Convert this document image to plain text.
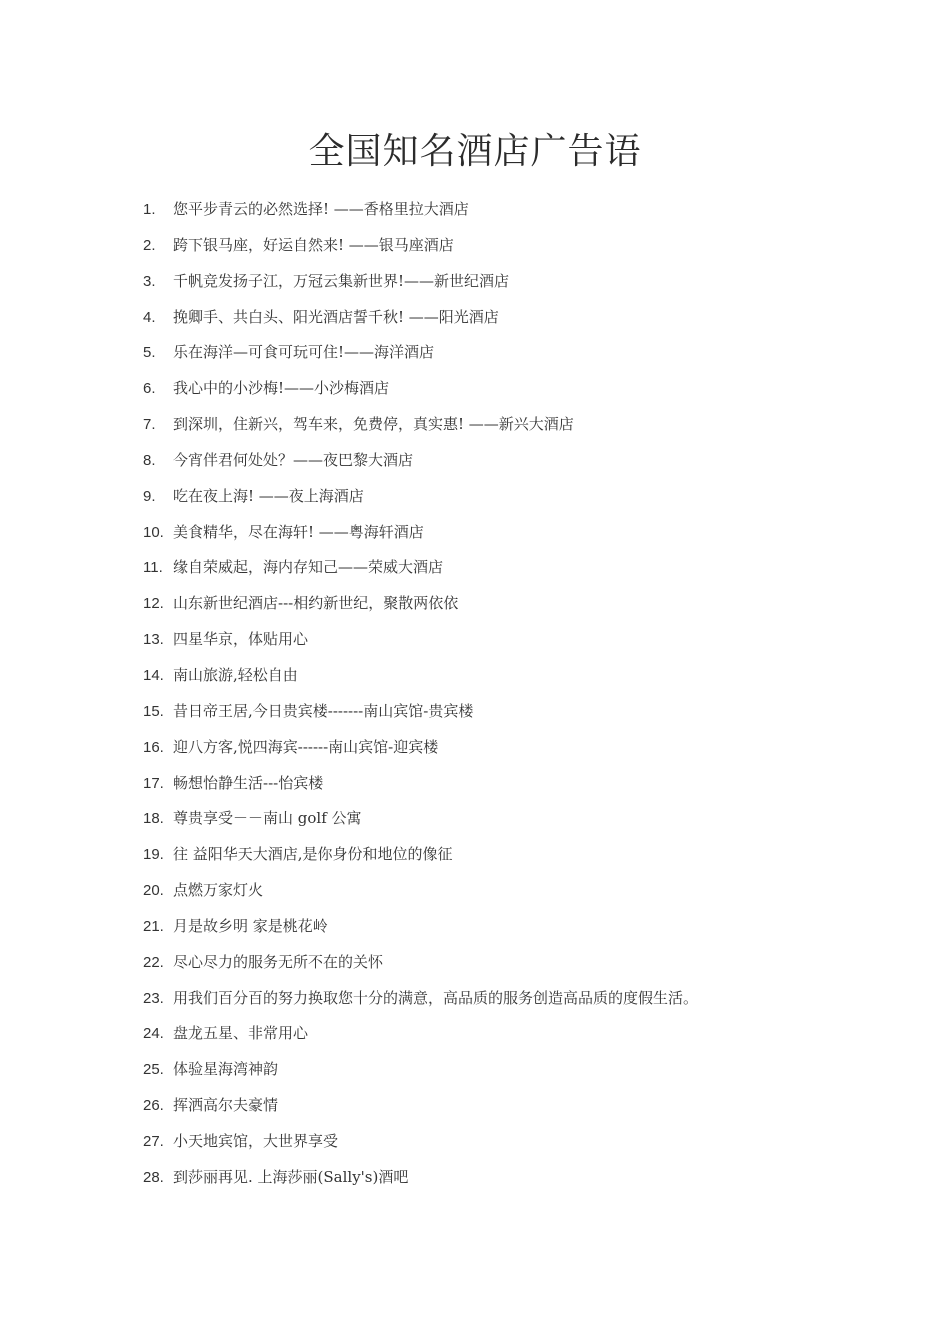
全国知名酒店广告语
1.	您平步青云的必然选择! ——香格里拉大酒店
2.	跨下银马座，好运自然来! ——银马座酒店
3.	千帆竞发扬子江，万冠云集新世界!——新世纪酒店
4.	挽卿手、共白头、阳光酒店誓千秋! ——阳光酒店
5.	乐在海洋—可食可玩可住!——海洋酒店
6.	我心中的小沙梅!——小沙梅酒店
7.	到深圳，住新兴，驾车来，免费停，真实惠! ——新兴大酒店
8.	今宵伴君何处处？——夜巴黎大酒店
9.	吃在夜上海! ——夜上海酒店
10. 美食精华，尽在海轩! ——粤海轩酒店
11. 缘自荣威起，海内存知己——荣威大酒店
12. 山东新世纪酒店---相约新世纪，聚散两依依
13. 四星华京，体贴用心
14. 南山旅游,轻松自由
15. 昔日帝王居,今日贵宾楼-------南山宾馆-贵宾楼
16. 迎八方客,悦四海宾------南山宾馆-迎宾楼
17. 畅想怡静生活---怡宾楼
18. 尊贵享受－－南山 golf 公寓
19. 往 益阳华天大酒店,是你身份和地位的像征
20. 点燃万家灯火
21. 月是故乡明 家是桃花岭
22. 尽心尽力的服务无所不在的关怀
23. 用我们百分百的努力换取您十分的满意，高品质的服务创造高品质的度假生活。
24. 盘龙五星、非常用心
25. 体验星海湾神韵
26. 挥洒高尔夫豪情
27. 小天地宾馆，大世界享受
28. 到莎丽再见. 上海莎丽(Sally's)酒吧
